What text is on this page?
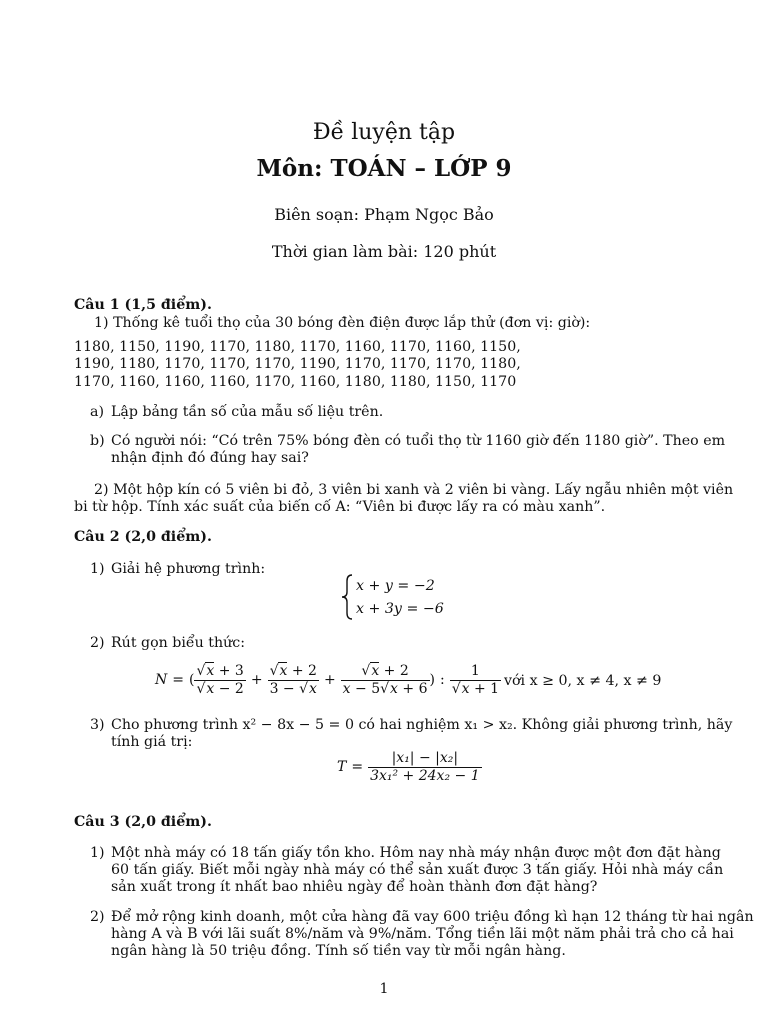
Đề luyện tập
Môn: TOÁN – LỚP 9
Biên soạn: Phạm Ngọc Bảo
Thời gian làm bài: 120 phút
Câu 1 (1,5 điểm).
1) Thống kê tuổi thọ của 30 bóng đèn điện được lắp thử (đơn vị: giờ):
1180, 1150, 1190, 1170, 1180, 1170, 1160, 1170, 1160, 1150,
1190, 1180, 1170, 1170, 1170, 1190, 1170, 1170, 1170, 1180,
1170, 1160, 1160, 1160, 1170, 1160, 1180, 1180, 1150, 1170
a) Lập bảng tần số của mẫu số liệu trên.
b) Có người nói: “Có trên 75% bóng đèn có tuổi thọ từ 1160 giờ đến 1180 giờ”. Theo em
nhận định đó đúng hay sai?
2) Một hộp kín có 5 viên bi đỏ, 3 viên bi xanh và 2 viên bi vàng. Lấy ngẫu nhiên một viên
bi từ hộp. Tính xác suất của biến cố A: “Viên bi được lấy ra có màu xanh”.
Câu 2 (2,0 điểm).
1) Giải hệ phương trình:
x + y = −2
x + 3y = −6
2) Rút gọn biểu thức:
N = ( $\frac{√x + 3}{√x - 2} + \frac{√x + 2}{3 - √x} + \frac{√x + 2}{x - 5√x + 6}$ ) : $\frac{1}{√x + 1}$ với x ≥ 0, x ≠ 4, x ≠ 9
3) Cho phương trình x² − 8x − 5 = 0 có hai nghiệm x₁ > x₂. Không giải phương trình, hãy
tính giá trị:
$T = \frac{\text{|x₁| − |x₂|}}{\text{3x₁² + 24x₂ − 1}}$
Câu 3 (2,0 điểm).
1) Một nhà máy có 18 tấn giấy tồn kho. Hôm nay nhà máy nhận được một đơn đặt hàng
60 tấn giấy. Biết mỗi ngày nhà máy có thể sản xuất được 3 tấn giấy. Hỏi nhà máy cần
sản xuất trong ít nhất bao nhiêu ngày để hoàn thành đơn đặt hàng?
2) Để mở rộng kinh doanh, một cửa hàng đã vay 600 triệu đồng kì hạn 12 tháng từ hai ngân
hàng A và B với lãi suất 8%/năm và 9%/năm. Tổng tiền lãi một năm phải trả cho cả hai
ngân hàng là 50 triệu đồng. Tính số tiền vay từ mỗi ngân hàng.
1
